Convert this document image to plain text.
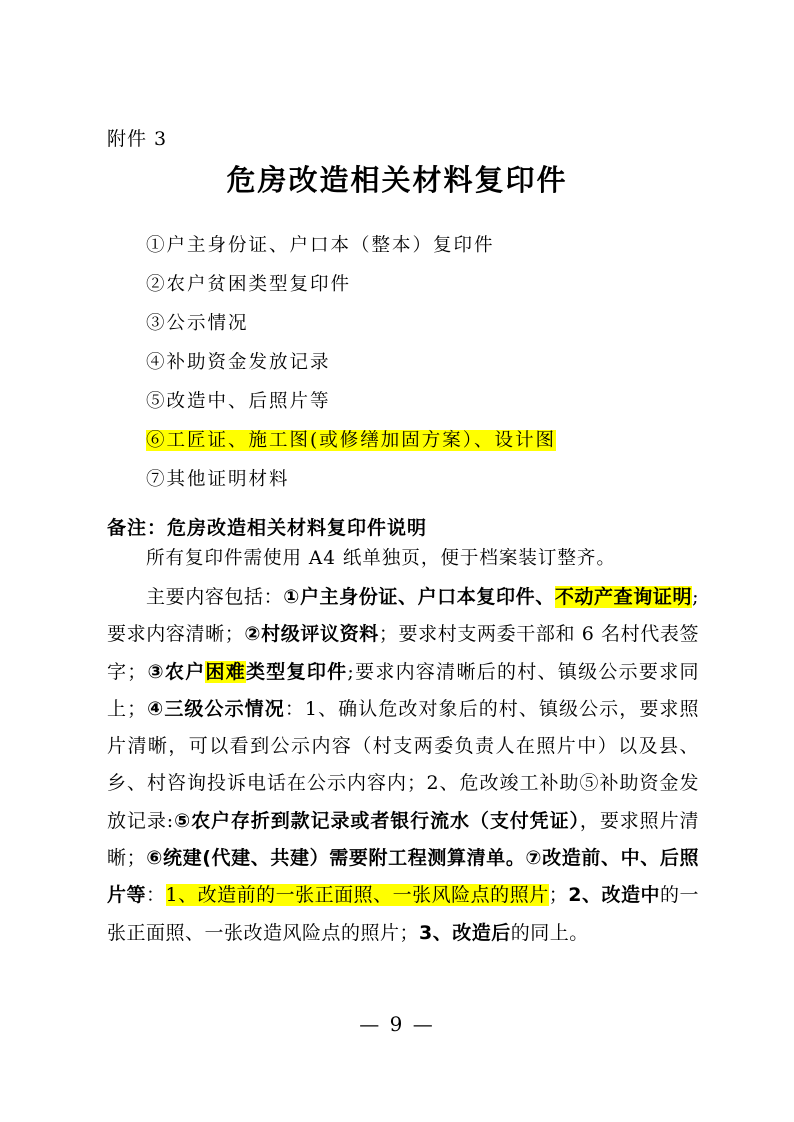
附件 3
危房改造相关材料复印件
①户主身份证、户口本（整本）复印件
②农户贫困类型复印件
③公示情况
④补助资金发放记录
⑤改造中、后照片等
⑥工匠证、施工图(或修缮加固方案）、设计图
⑦其他证明材料
备注：危房改造相关材料复印件说明
所有复印件需使用 A4 纸单独页，便于档案装订整齐。
主要内容包括：①户主身份证、户口本复印件、不动产查询证明;要求内容清晰；②村级评议资料；要求村支两委干部和 6 名村代表签字；③农户困难类型复印件;要求内容清晰后的村、镇级公示要求同上；④三级公示情况：1、确认危改对象后的村、镇级公示，要求照片清晰，可以看到公示内容（村支两委负责人在照片中）以及县、乡、村咨询投诉电话在公示内容内；2、危改竣工补助⑤补助资金发放记录:⑤农户存折到款记录或者银行流水（支付凭证），要求照片清晰；⑥统建(代建、共建）需要附工程测算清单。⑦改造前、中、后照片等：1、改造前的一张正面照、一张风险点的照片；2、改造中的一张正面照、一张改造风险点的照片；3、改造后的同上。
— 9 —
